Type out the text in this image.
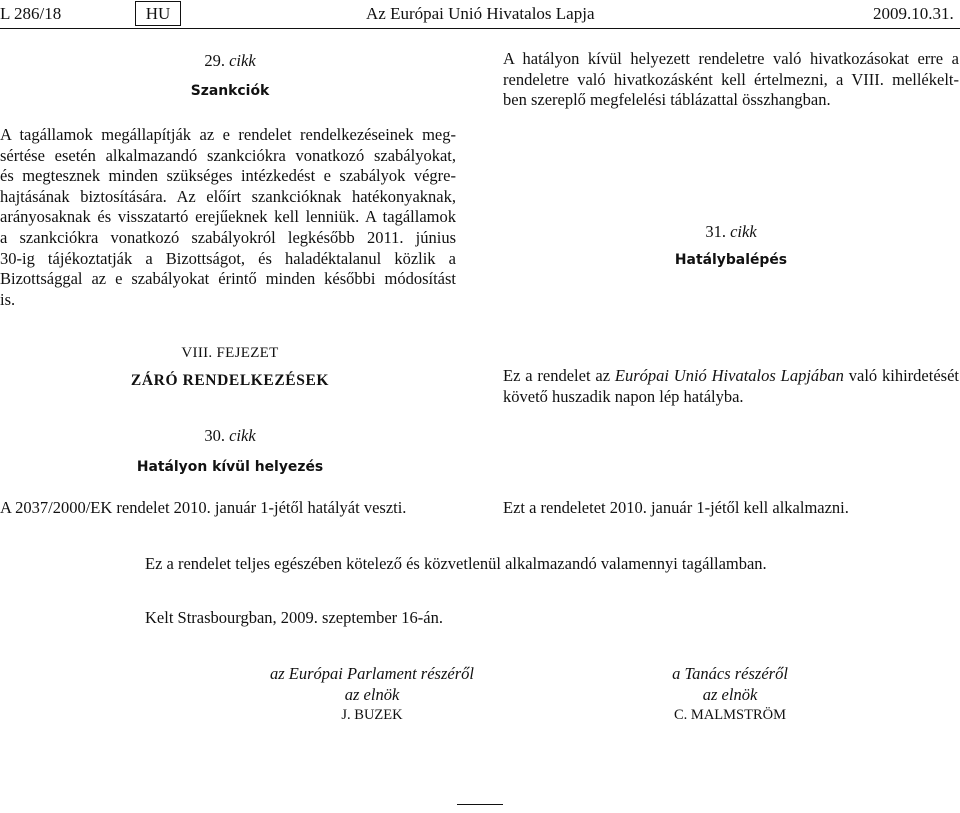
L 286/18	HU	Az Európai Unió Hivatalos Lapja	2009.10.31.
29. cikk
Szankciók
A tagállamok megállapítják az e rendelet rendelkezéseinek meg-
sértése esetén alkalmazandó szankciókra vonatkozó szabályokat,
és megtesznek minden szükséges intézkedést e szabályok végre-
hajtásának biztosítására. Az előírt szankcióknak hatékonyaknak,
arányosaknak és visszatartó erejűeknek kell lenniük. A tagállamok
a szankciókra vonatkozó szabályokról legkésőbb 2011. június
30-ig tájékoztatják a Bizottságot, és haladéktalanul közlik a
Bizottsággal az e szabályokat érintő minden későbbi módosítást
is.
A hatályon kívül helyezett rendeletre való hivatkozásokat erre a
rendeletre való hivatkozásként kell értelmezni, a VIII. mellékelt-
ben szereplő megfelelési táblázattal összhangban.
31. cikk
Hatálybalépés
VIII. FEJEZET
ZÁRÓ RENDELKEZÉSEK	Ez a rendelet az Európai Unió Hivatalos Lapjában való kihirdetését
követő huszadik napon lép hatályba.
30. cikk
Hatályon kívül helyezés
A 2037/2000/EK rendelet 2010. január 1-jétől hatályát veszti.	Ezt a rendeletet 2010. január 1-jétől kell alkalmazni.
Ez a rendelet teljes egészében kötelező és közvetlenül alkalmazandó valamennyi tagállamban.
Kelt Strasbourgban, 2009. szeptember 16-án.
az Európai Parlament részéről
az elnök
J. BUZEK
a Tanács részéről
az elnök
C. MALMSTRÖM
